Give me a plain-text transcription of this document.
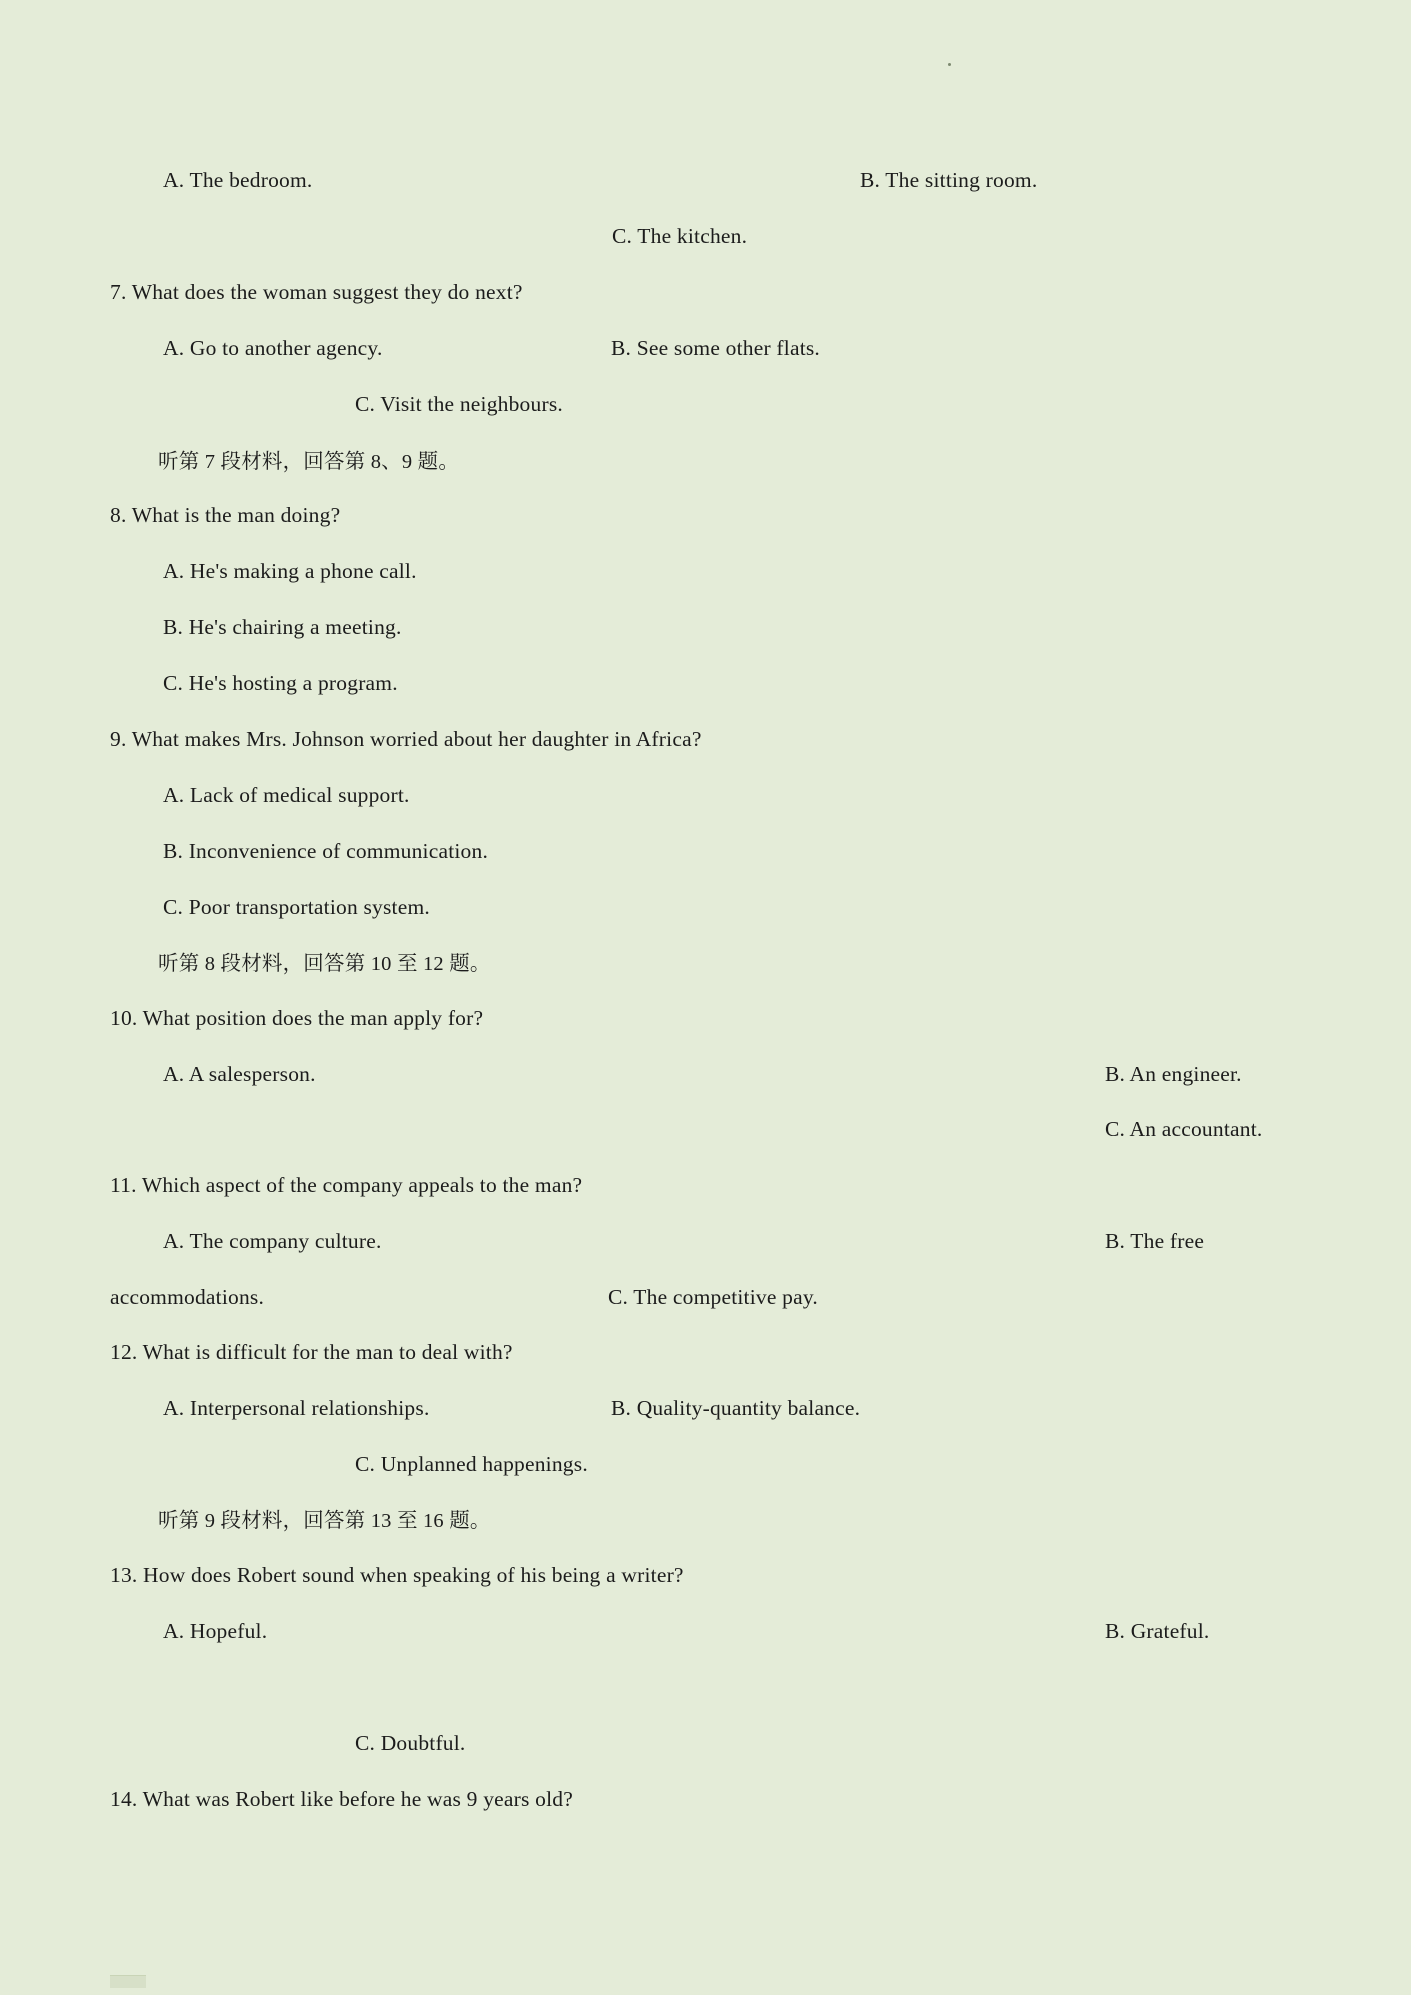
A. The bedroom.	B. The sitting room.
C. The kitchen.
7. What does the woman suggest they do next?
A. Go to another agency.	B. See some other flats.
C. Visit the neighbours.
听第 7 段材料，回答第 8、9 题。
8. What is the man doing?
A. He's making a phone call.
B. He's chairing a meeting.
C. He's hosting a program.
9. What makes Mrs. Johnson worried about her daughter in Africa?
A. Lack of medical support.
B. Inconvenience of communication.
C. Poor transportation system.
听第 8 段材料，回答第 10 至 12 题。
10. What position does the man apply for?
A. A salesperson.	B. An engineer.
C. An accountant.
11. Which aspect of the company appeals to the man?
A. The company culture.	B. The free
accommodations.	C. The competitive pay.
12. What is difficult for the man to deal with?
A. Interpersonal relationships.	B. Quality-quantity balance.
C. Unplanned happenings.
听第 9 段材料，回答第 13 至 16 题。
13. How does Robert sound when speaking of his being a writer?
A. Hopeful.	B. Grateful.
C. Doubtful.
14. What was Robert like before he was 9 years old?
